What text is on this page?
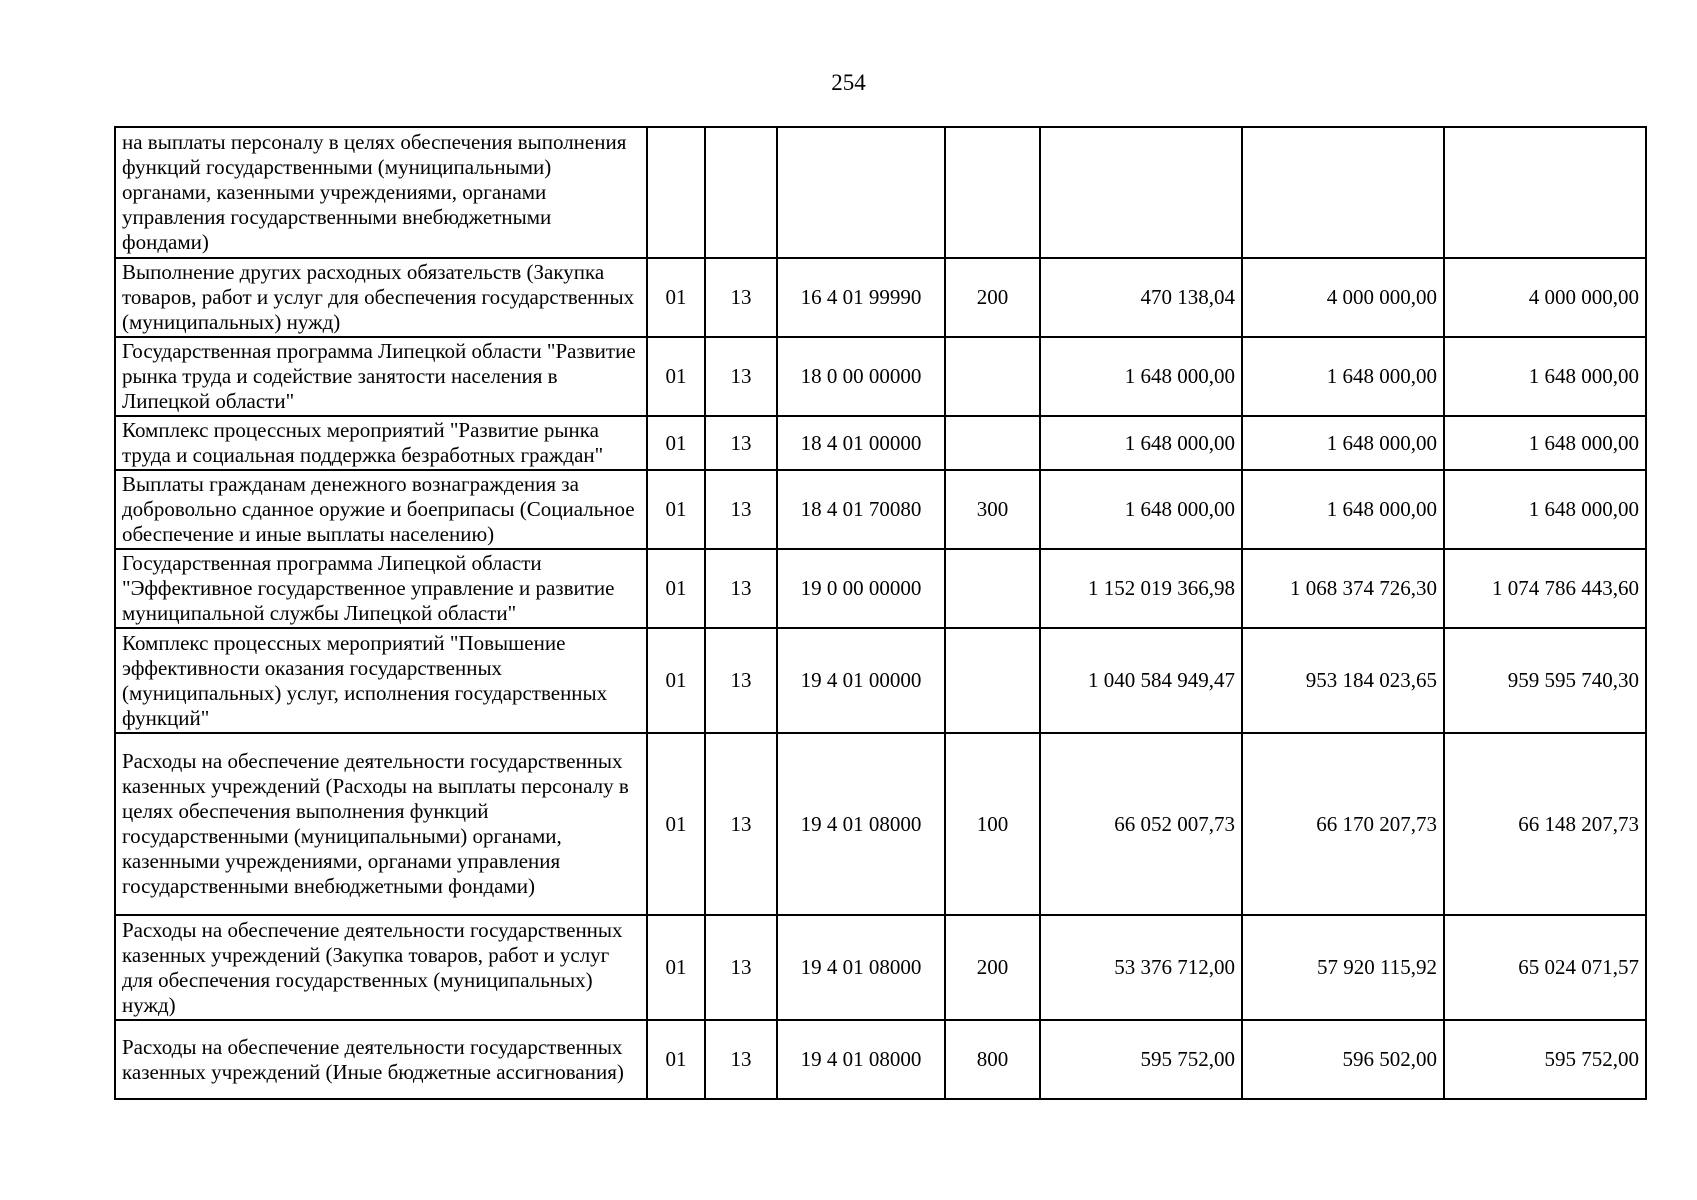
254
на выплаты персоналу в целях обеспечения выполнения функций государственными (муниципальными) органами, казенными учреждениями, органами управления государственными внебюджетными фондами)							
Выполнение других расходных обязательств (Закупка товаров, работ и услуг для обеспечения государственных (муниципальных) нужд)	01	13	16 4 01 99990	200	470 138,04	4 000 000,00	4 000 000,00
Государственная программа Липецкой области "Развитие рынка труда и содействие занятости населения в Липецкой области"	01	13	18 0 00 00000		1 648 000,00	1 648 000,00	1 648 000,00
Комплекс процессных мероприятий "Развитие рынка труда и социальная поддержка безработных граждан"	01	13	18 4 01 00000		1 648 000,00	1 648 000,00	1 648 000,00
Выплаты гражданам денежного вознаграждения за добровольно сданное оружие и боеприпасы (Социальное обеспечение и иные выплаты населению)	01	13	18 4 01 70080	300	1 648 000,00	1 648 000,00	1 648 000,00
Государственная программа Липецкой области "Эффективное государственное управление и развитие муниципальной службы Липецкой области"	01	13	19 0 00 00000		1 152 019 366,98	1 068 374 726,30	1 074 786 443,60
Комплекс процессных мероприятий "Повышение эффективности оказания государственных (муниципальных) услуг, исполнения государственных функций"	01	13	19 4 01 00000		1 040 584 949,47	953 184 023,65	959 595 740,30
Расходы на обеспечение деятельности государственных казенных учреждений (Расходы на выплаты персоналу в целях обеспечения выполнения функций государственными (муниципальными) органами, казенными учреждениями, органами управления государственными внебюджетными фондами)	01	13	19 4 01 08000	100	66 052 007,73	66 170 207,73	66 148 207,73
Расходы на обеспечение деятельности государственных казенных учреждений (Закупка товаров, работ и услуг для обеспечения государственных (муниципальных) нужд)	01	13	19 4 01 08000	200	53 376 712,00	57 920 115,92	65 024 071,57
Расходы на обеспечение деятельности государственных казенных учреждений (Иные бюджетные ассигнования)	01	13	19 4 01 08000	800	595 752,00	596 502,00	595 752,00
